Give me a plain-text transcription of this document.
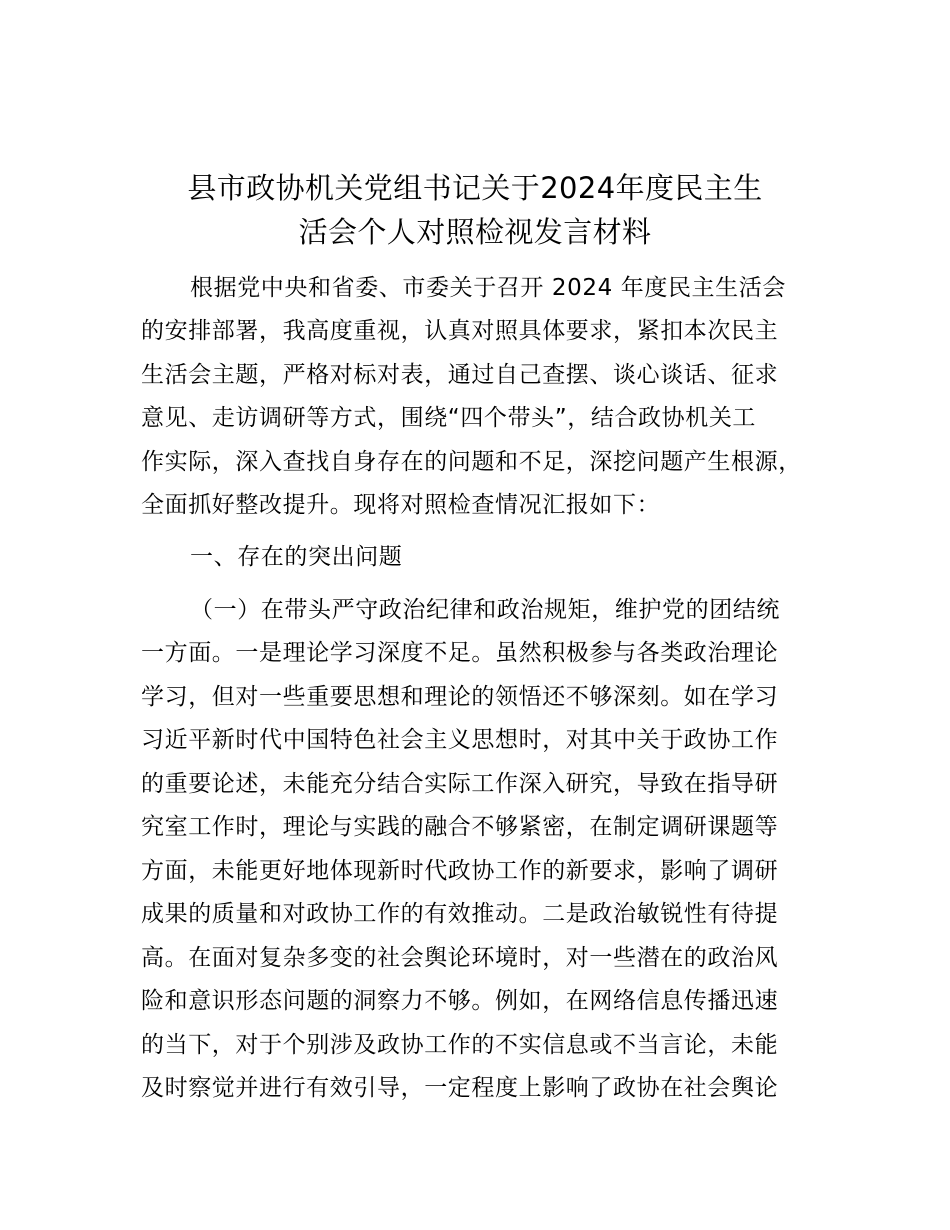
县市政协机关党组书记关于2024年度民主生
活会个人对照检视发言材料

根据党中央和省委、市委关于召开 2024 年度民主生活会

的安排部署，我高度重视，认真对照具体要求，紧扣本次民主

生活会主题，严格对标对表，通过自己查摆、谈心谈话、征求

意见、走访调研等方式，围绕“四个带头”，结合政协机关工

作实际，深入查找自身存在的问题和不足，深挖问题产生根源，

全面抓好整改提升。现将对照检查情况汇报如下：

一、存在的突出问题

（一）在带头严守政治纪律和政治规矩，维护党的团结统

一方面。一是理论学习深度不足。虽然积极参与各类政治理论

学习，但对一些重要思想和理论的领悟还不够深刻。如在学习

习近平新时代中国特色社会主义思想时，对其中关于政协工作

的重要论述，未能充分结合实际工作深入研究，导致在指导研

究室工作时，理论与实践的融合不够紧密，在制定调研课题等

方面，未能更好地体现新时代政协工作的新要求，影响了调研

成果的质量和对政协工作的有效推动。二是政治敏锐性有待提

高。在面对复杂多变的社会舆论环境时，对一些潜在的政治风

险和意识形态问题的洞察力不够。例如，在网络信息传播迅速

的当下，对于个别涉及政协工作的不实信息或不当言论，未能

及时察觉并进行有效引导，一定程度上影响了政协在社会舆论
